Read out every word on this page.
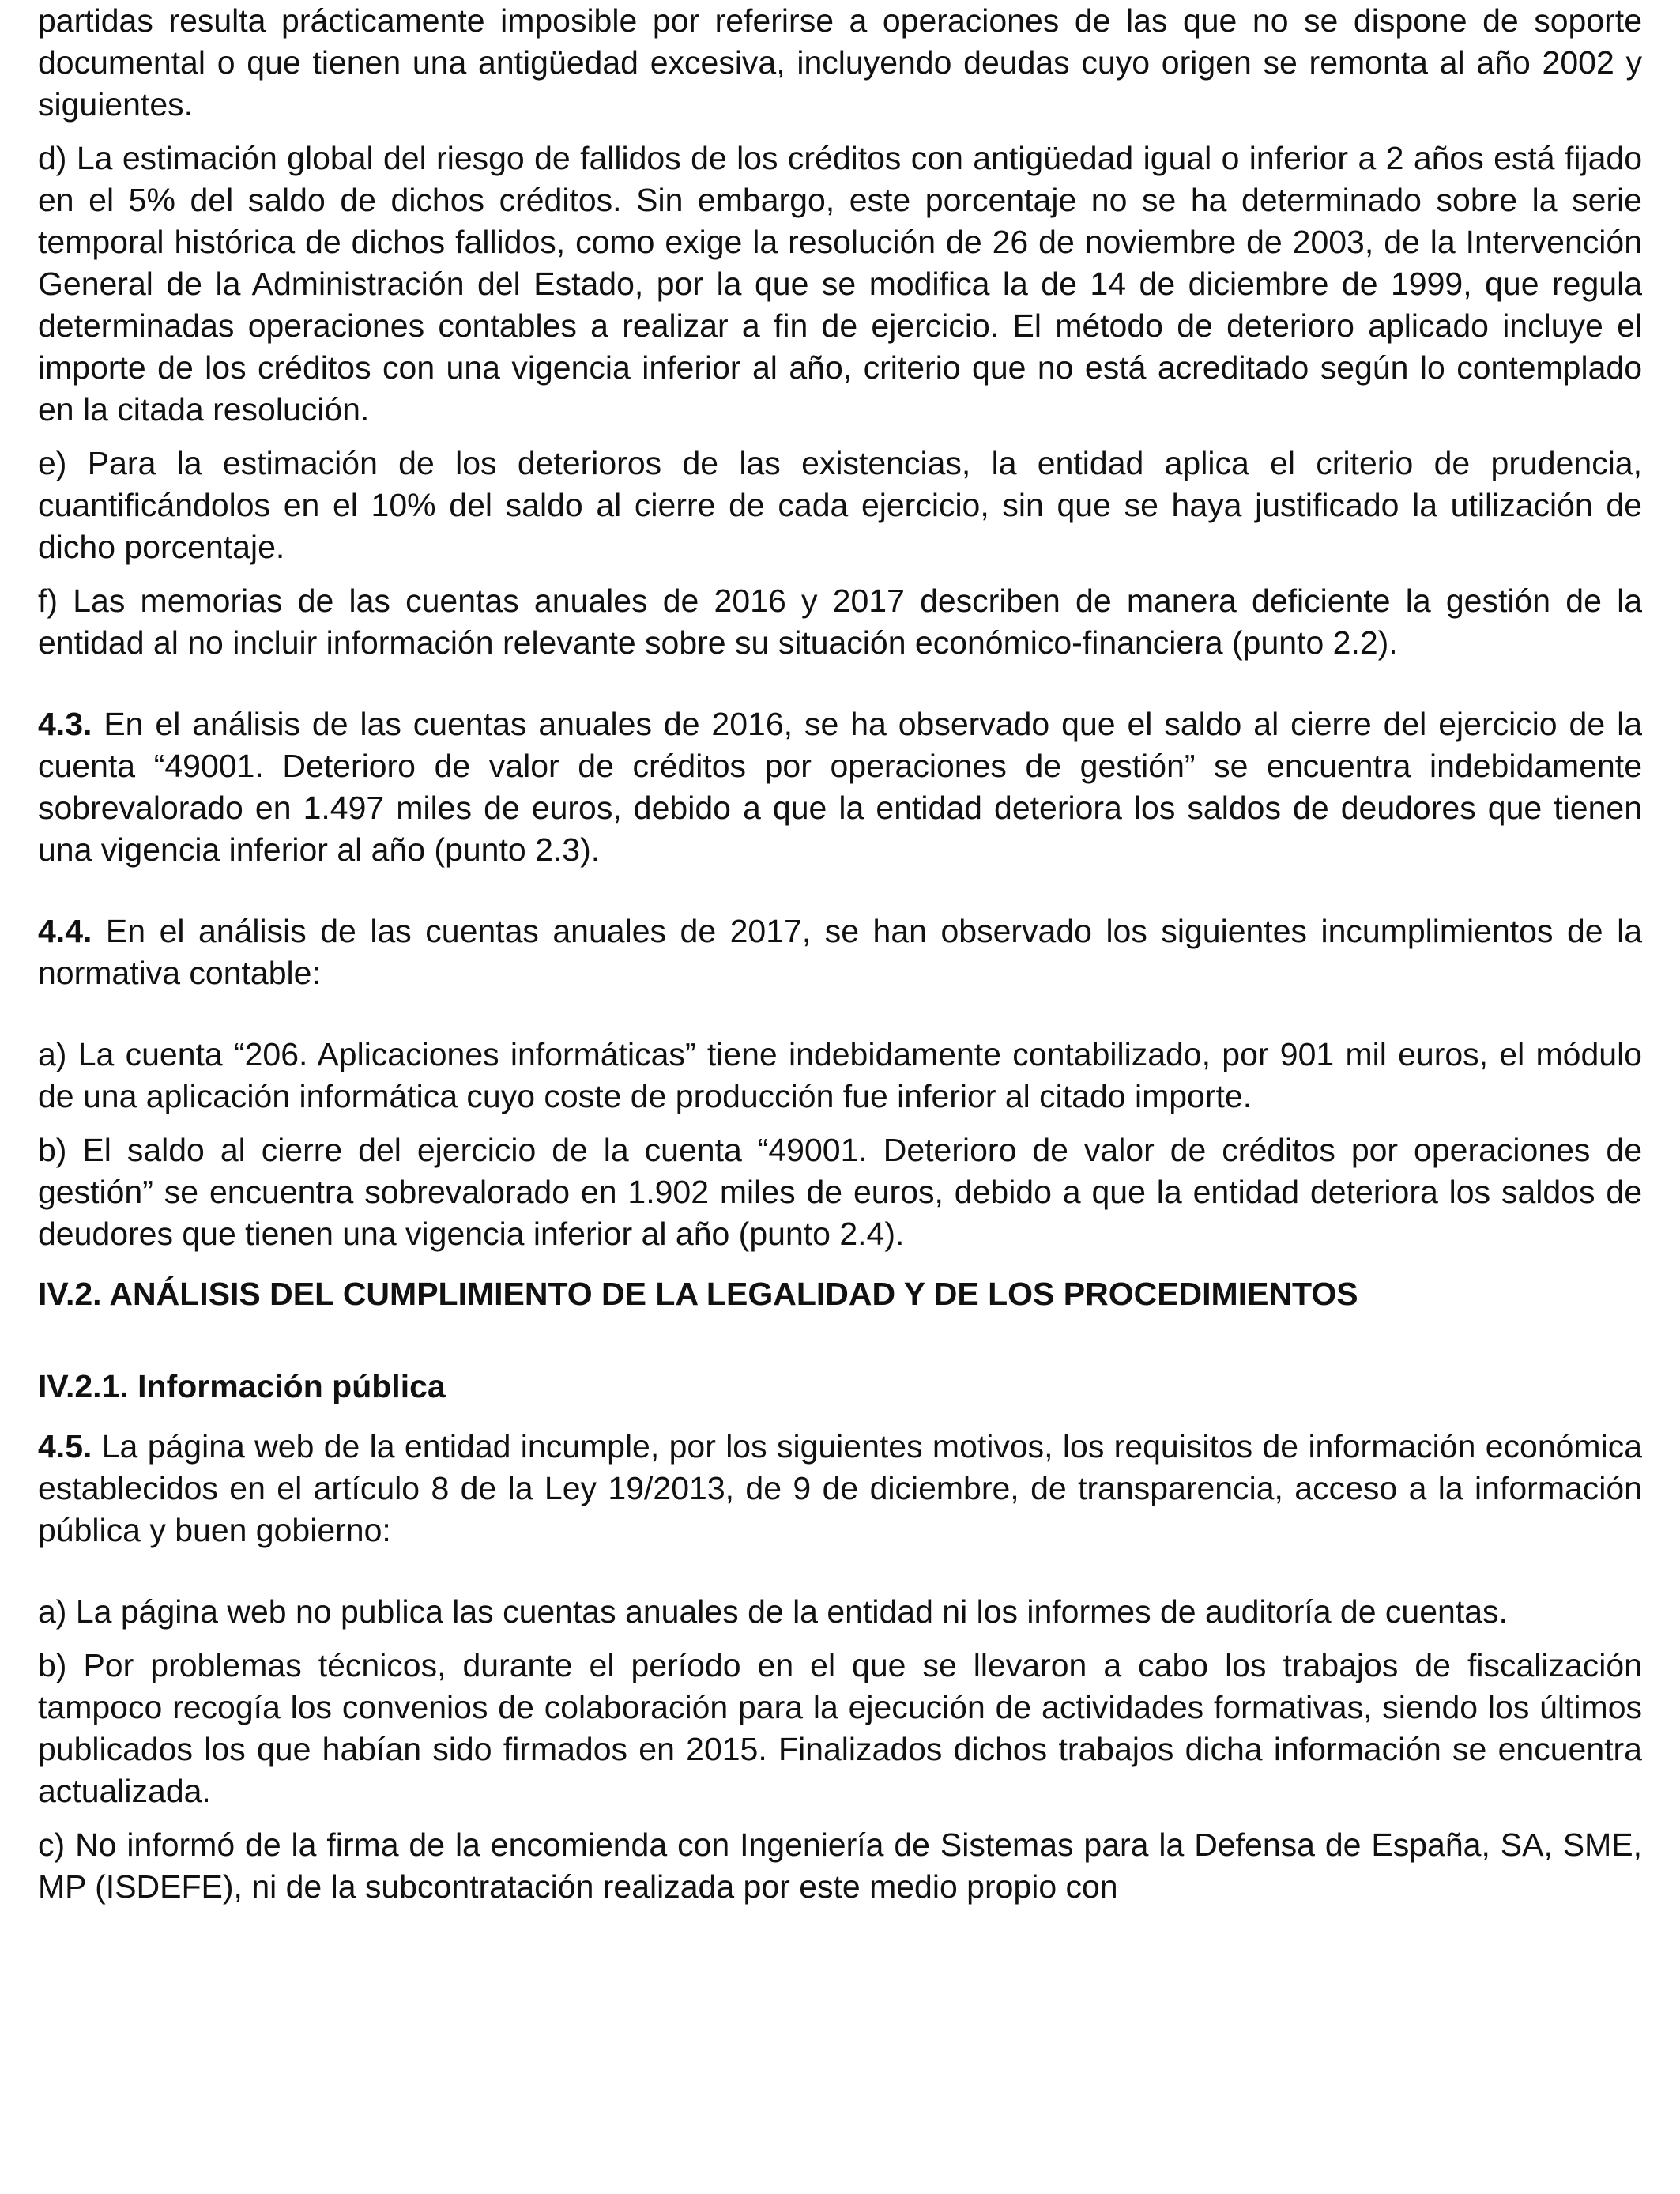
partidas resulta prácticamente imposible por referirse a operaciones de las que no se dispone de soporte documental o que tienen una antigüedad excesiva, incluyendo deudas cuyo origen se remonta al año 2002 y siguientes.

d) La estimación global del riesgo de fallidos de los créditos con antigüedad igual o inferior a 2 años está fijado en el 5% del saldo de dichos créditos. Sin embargo, este porcentaje no se ha determinado sobre la serie temporal histórica de dichos fallidos, como exige la resolución de 26 de noviembre de 2003, de la Intervención General de la Administración del Estado, por la que se modifica la de 14 de diciembre de 1999, que regula determinadas operaciones contables a realizar a fin de ejercicio. El método de deterioro aplicado incluye el importe de los créditos con una vigencia inferior al año, criterio que no está acreditado según lo contemplado en la citada resolución.

e) Para la estimación de los deterioros de las existencias, la entidad aplica el criterio de prudencia, cuantificándolos en el 10% del saldo al cierre de cada ejercicio, sin que se haya justificado la utilización de dicho porcentaje.

f) Las memorias de las cuentas anuales de 2016 y 2017 describen de manera deficiente la gestión de la entidad al no incluir información relevante sobre su situación económico-financiera (punto 2.2).

4.3. En el análisis de las cuentas anuales de 2016, se ha observado que el saldo al cierre del ejercicio de la cuenta “49001. Deterioro de valor de créditos por operaciones de gestión” se encuentra indebidamente sobrevalorado en 1.497 miles de euros, debido a que la entidad deteriora los saldos de deudores que tienen una vigencia inferior al año (punto 2.3).

4.4. En el análisis de las cuentas anuales de 2017, se han observado los siguientes incumplimientos de la normativa contable:

a) La cuenta “206. Aplicaciones informáticas” tiene indebidamente contabilizado, por 901 mil euros, el módulo de una aplicación informática cuyo coste de producción fue inferior al citado importe.

b) El saldo al cierre del ejercicio de la cuenta “49001. Deterioro de valor de créditos por operaciones de gestión” se encuentra sobrevalorado en 1.902 miles de euros, debido a que la entidad deteriora los saldos de deudores que tienen una vigencia inferior al año (punto 2.4).

IV.2. ANÁLISIS DEL CUMPLIMIENTO DE LA LEGALIDAD Y DE LOS PROCEDIMIENTOS

IV.2.1. Información pública

4.5. La página web de la entidad incumple, por los siguientes motivos, los requisitos de información económica establecidos en el artículo 8 de la Ley 19/2013, de 9 de diciembre, de transparencia, acceso a la información pública y buen gobierno:

a) La página web no publica las cuentas anuales de la entidad ni los informes de auditoría de cuentas.

b) Por problemas técnicos, durante el período en el que se llevaron a cabo los trabajos de fiscalización tampoco recogía los convenios de colaboración para la ejecución de actividades formativas, siendo los últimos publicados los que habían sido firmados en 2015. Finalizados dichos trabajos dicha información se encuentra actualizada.

c) No informó de la firma de la encomienda con Ingeniería de Sistemas para la Defensa de España, SA, SME, MP (ISDEFE), ni de la subcontratación realizada por este medio propio con
